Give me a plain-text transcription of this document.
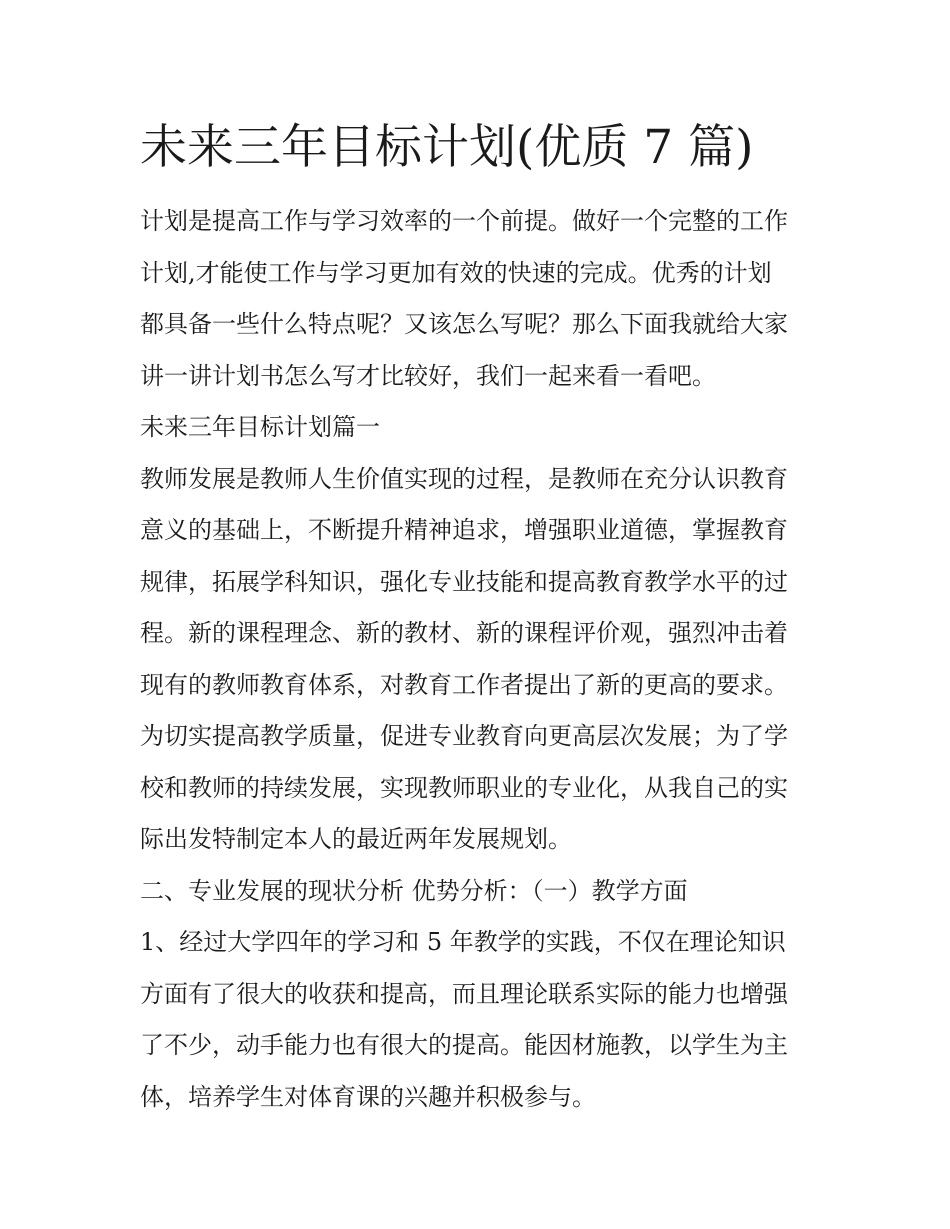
未来三年目标计划(优质 7 篇)
计划是提高工作与学习效率的一个前提。做好一个完整的工作
计划,才能使工作与学习更加有效的快速的完成。优秀的计划
都具备一些什么特点呢？又该怎么写呢？那么下面我就给大家
讲一讲计划书怎么写才比较好，我们一起来看一看吧。
未来三年目标计划篇一
教师发展是教师人生价值实现的过程，是教师在充分认识教育
意义的基础上，不断提升精神追求，增强职业道德，掌握教育
规律，拓展学科知识，强化专业技能和提高教育教学水平的过
程。新的课程理念、新的教材、新的课程评价观，强烈冲击着
现有的教师教育体系，对教育工作者提出了新的更高的要求。
为切实提高教学质量，促进专业教育向更高层次发展；为了学
校和教师的持续发展，实现教师职业的专业化，从我自己的实
际出发特制定本人的最近两年发展规划。
二、专业发展的现状分析 优势分析：（一）教学方面
1、经过大学四年的学习和 5 年教学的实践，不仅在理论知识
方面有了很大的收获和提高，而且理论联系实际的能力也增强
了不少，动手能力也有很大的提高。能因材施教，以学生为主
体，培养学生对体育课的兴趣并积极参与。
